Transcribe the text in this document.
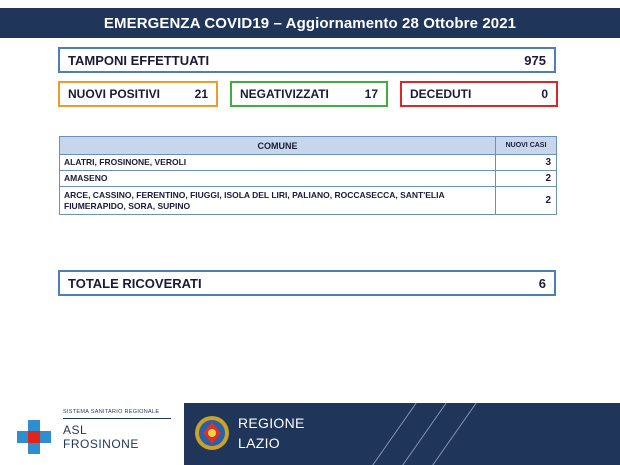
EMERGENZA COVID19 – Aggiornamento 28 Ottobre 2021
TAMPONI EFFETTUATI	975
NUOVI POSITIVI	21	NEGATIVIZZATI	17	DECEDUTI	0
COMUNE	NUOVI CASI
ALATRI, FROSINONE, VEROLI	3
AMASENO	2
ARCE, CASSINO, FERENTINO, FIUGGI, ISOLA DEL LIRI, PALIANO, ROCCASECCA, SANT'ELIA FIUMERAPIDO, SORA, SUPINO	2
TOTALE RICOVERATI	6
SISTEMA SANITARIO REGIONALE
ASL
FROSINONE
REGIONE
LAZIO
